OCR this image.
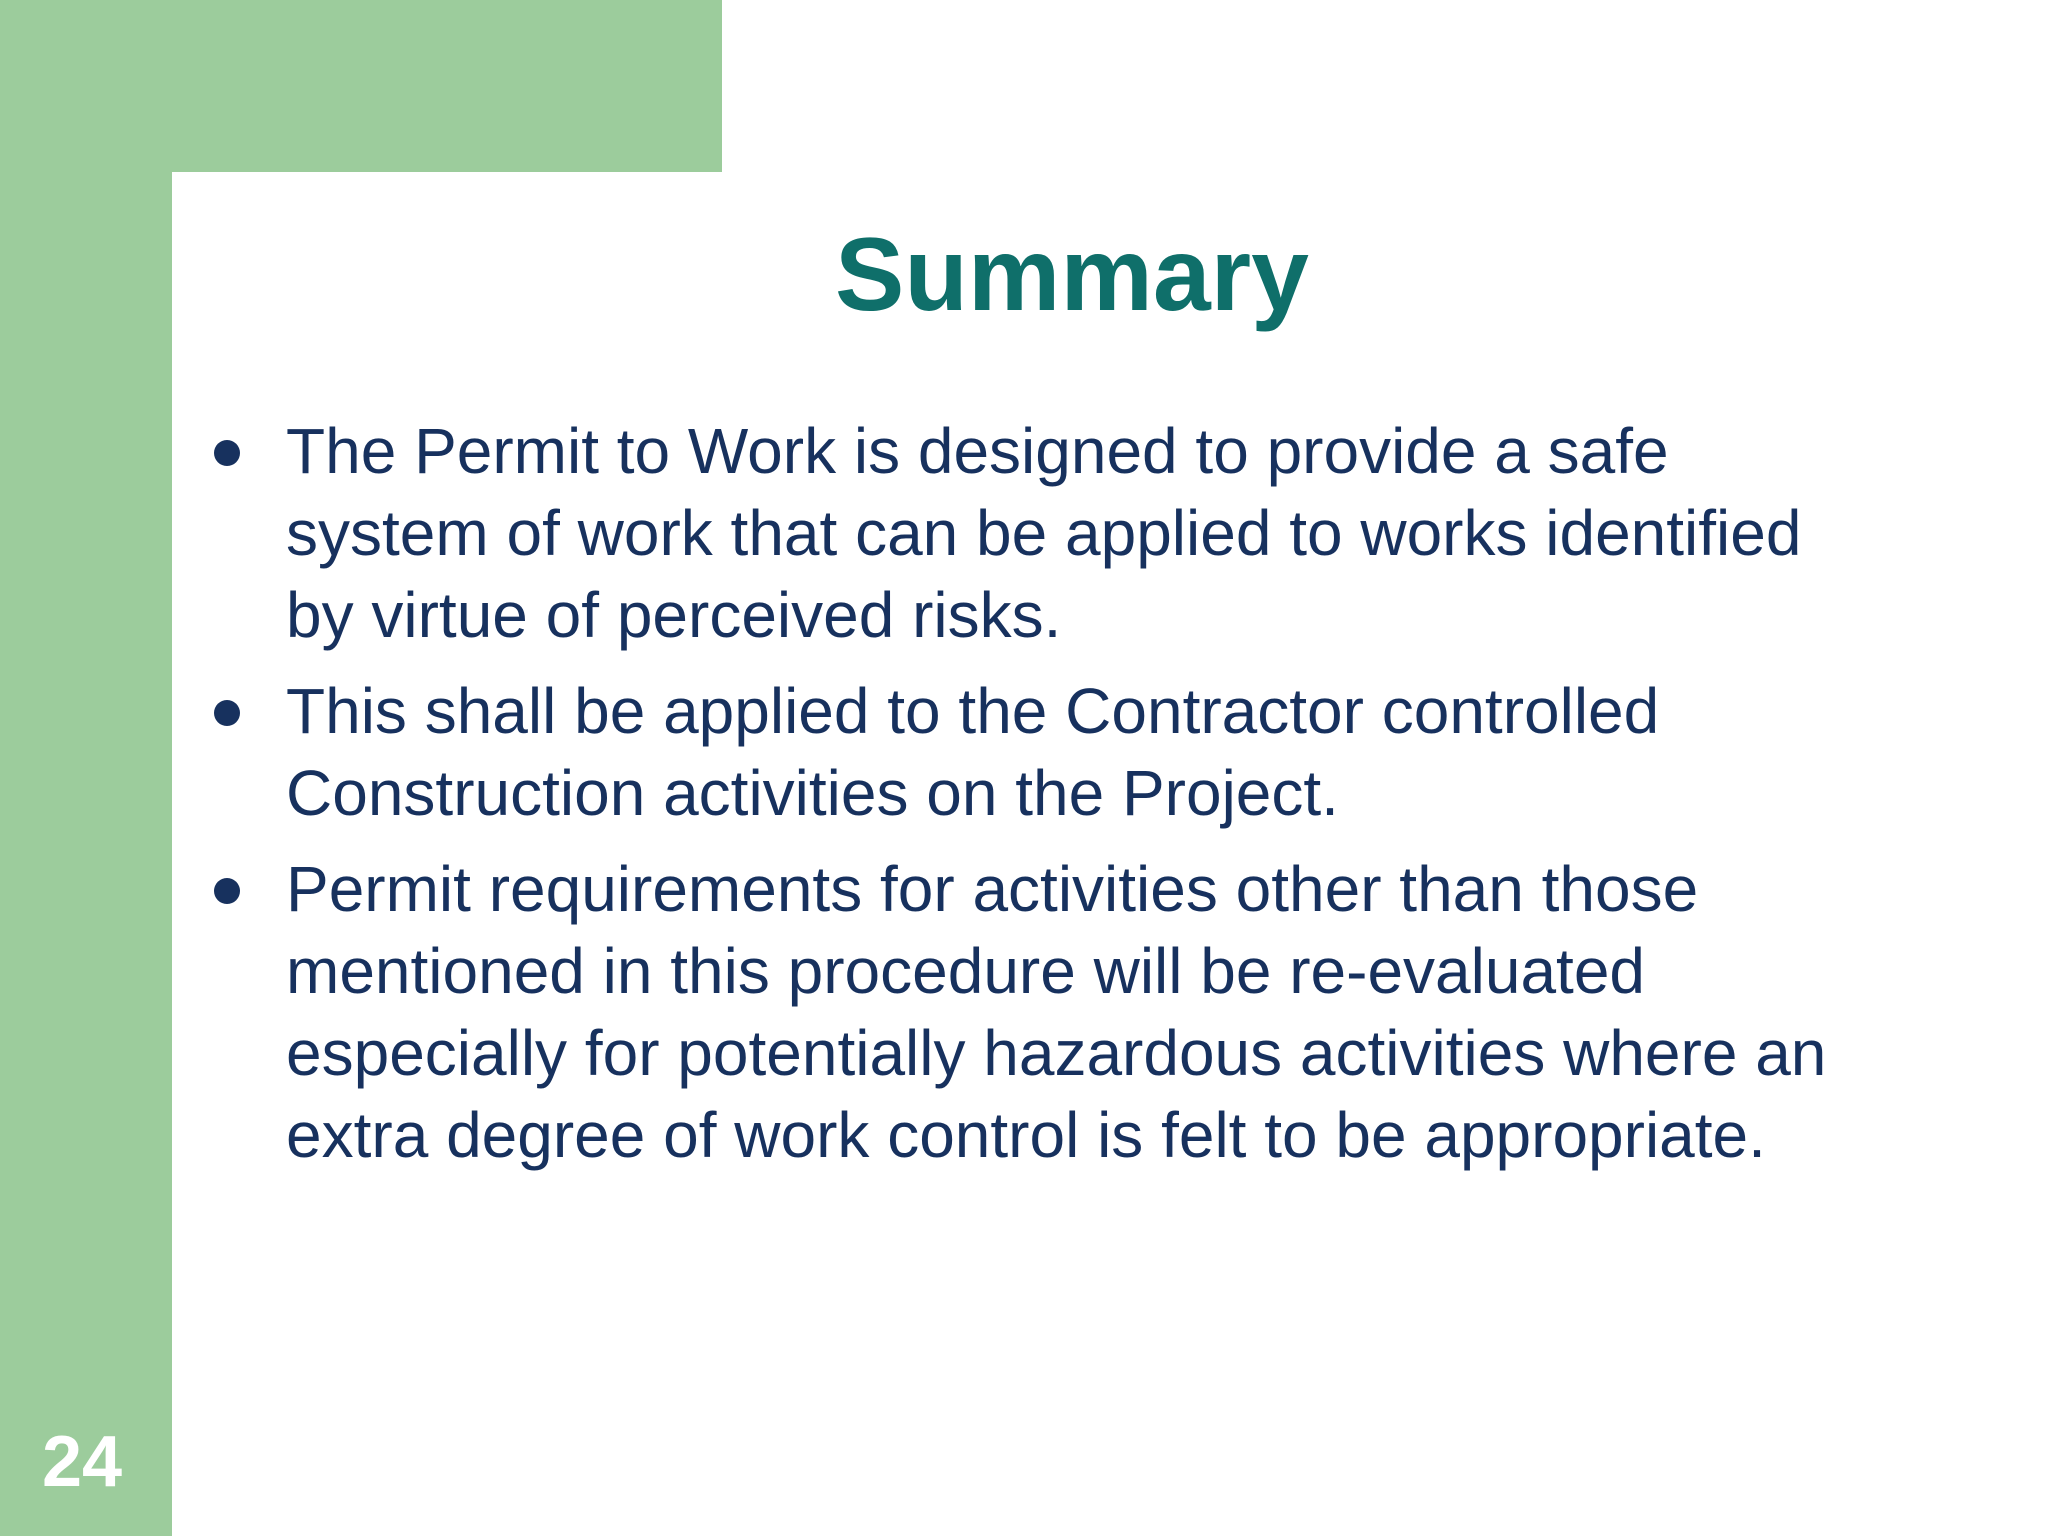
24
Summary
The Permit to Work is designed to provide a safe system of work that can be applied to works identified by virtue of perceived risks.
This shall be applied to the Contractor controlled Construction activities on the Project.
Permit requirements for activities other than those mentioned in this procedure will be re-evaluated especially for potentially hazardous activities where an extra degree of work control is felt to be appropriate.
